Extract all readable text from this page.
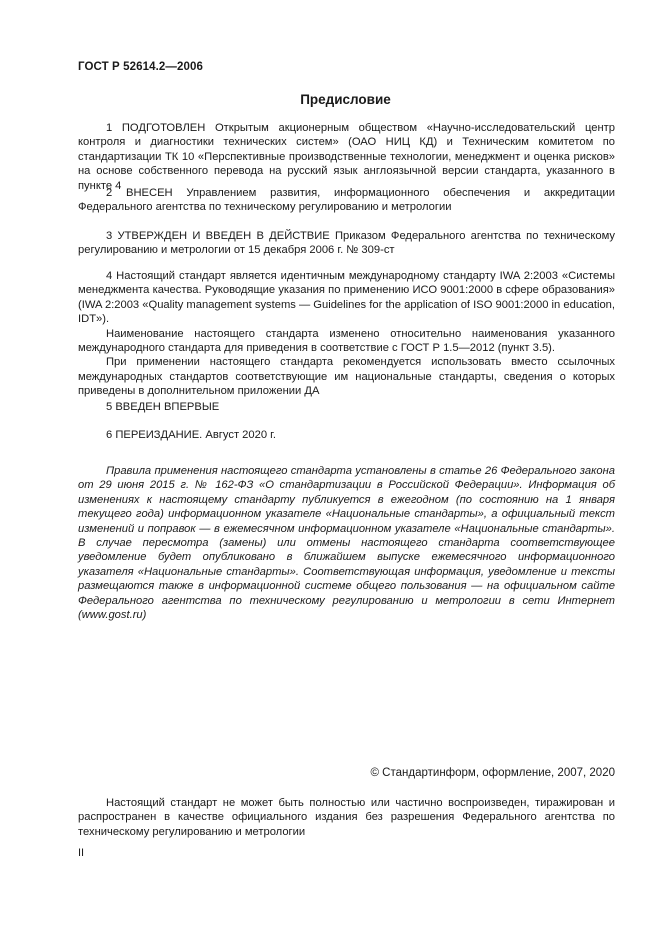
ГОСТ Р 52614.2—2006
Предисловие

1 ПОДГОТОВЛЕН Открытым акционерным обществом «Научно-исследовательский центр контроля и диагностики технических систем» (ОАО НИЦ КД) и Техническим комитетом по стандартизации ТК 10 «Перспективные производственные технологии, менеджмент и оценка рисков» на основе собственного перевода на русский язык англоязычной версии стандарта, указанного в пункте 4

2 ВНЕСЕН Управлением развития, информационного обеспечения и аккредитации Федерального агентства по техническому регулированию и метрологии

3 УТВЕРЖДЕН И ВВЕДЕН В ДЕЙСТВИЕ Приказом Федерального агентства по техническому регулированию и метрологии от 15 декабря 2006 г. № 309-ст

4 Настоящий стандарт является идентичным международному стандарту IWA 2:2003 «Системы менеджмента качества. Руководящие указания по применению ИСО 9001:2000 в сфере образования» (IWA 2:2003 «Quality management systems — Guidelines for the application of ISO 9001:2000 in education, IDT»).

Наименование настоящего стандарта изменено относительно наименования указанного международного стандарта для приведения в соответствие с ГОСТ Р 1.5—2012 (пункт 3.5).

При применении настоящего стандарта рекомендуется использовать вместо ссылочных международных стандартов соответствующие им национальные стандарты, сведения о которых приведены в дополнительном приложении ДА

5 ВВЕДЕН ВПЕРВЫЕ

6 ПЕРЕИЗДАНИЕ. Август 2020 г.

Правила применения настоящего стандарта установлены в статье 26 Федерального закона от 29 июня 2015 г. № 162-ФЗ «О стандартизации в Российской Федерации». Информация об изменениях к настоящему стандарту публикуется в ежегодном (по состоянию на 1 января текущего года) информационном указателе «Национальные стандарты», а официальный текст изменений и поправок — в ежемесячном информационном указателе «Национальные стандарты». В случае пересмотра (замены) или отмены настоящего стандарта соответствующее уведомление будет опубликовано в ближайшем выпуске ежемесячного информационного указателя «Национальные стандарты». Соответствующая информация, уведомление и тексты размещаются также в информационной системе общего пользования — на официальном сайте Федерального агентства по техническому регулированию и метрологии в сети Интернет (www.gost.ru)

© Стандартинформ, оформление, 2007, 2020

Настоящий стандарт не может быть полностью или частично воспроизведен, тиражирован и распространен в качестве официального издания без разрешения Федерального агентства по техническому регулированию и метрологии

II
